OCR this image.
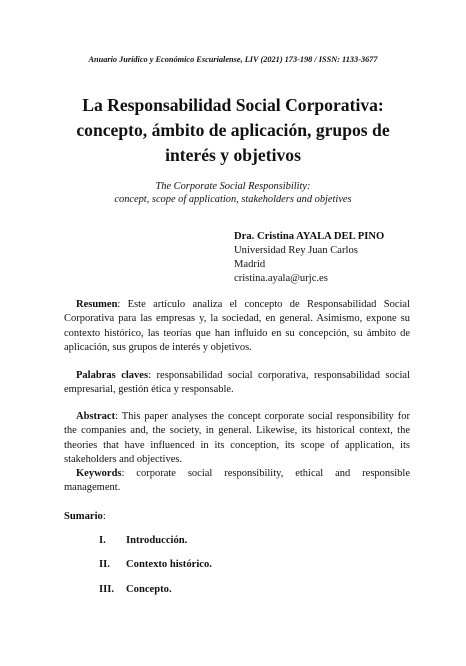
Anuario Jurídico y Económico Escurialense, LIV (2021) 173-198 / ISSN: 1133-3677
La Responsabilidad Social Corporativa:
concepto, ámbito de aplicación, grupos de
interés y objetivos
The Corporate Social Responsibility:
concept, scope of application, stakeholders and objetives
Dra. Cristina AYALA DEL PINO
Universidad Rey Juan Carlos
Madrid
cristina.ayala@urjc.es
Resumen: Este artículo analiza el concepto de Responsabilidad Social Corporativa para las empresas y, la sociedad, en general. Asimismo, expone su contexto histórico, las teorías que han influido en su concepción, su ámbito de aplicación, sus grupos de interés y objetivos.
Palabras claves: responsabilidad social corporativa, responsabilidad social empresarial, gestión ética y responsable.
Abstract: This paper analyses the concept corporate social responsibility for the companies and, the society, in general. Likewise, its historical context, the theories that have influenced in its conception, its scope of application, its stakeholders and objectives.
Keywords: corporate social responsibility, ethical and responsible management.
Sumario:
I. Introducción.
II. Contexto histórico.
III. Concepto.
